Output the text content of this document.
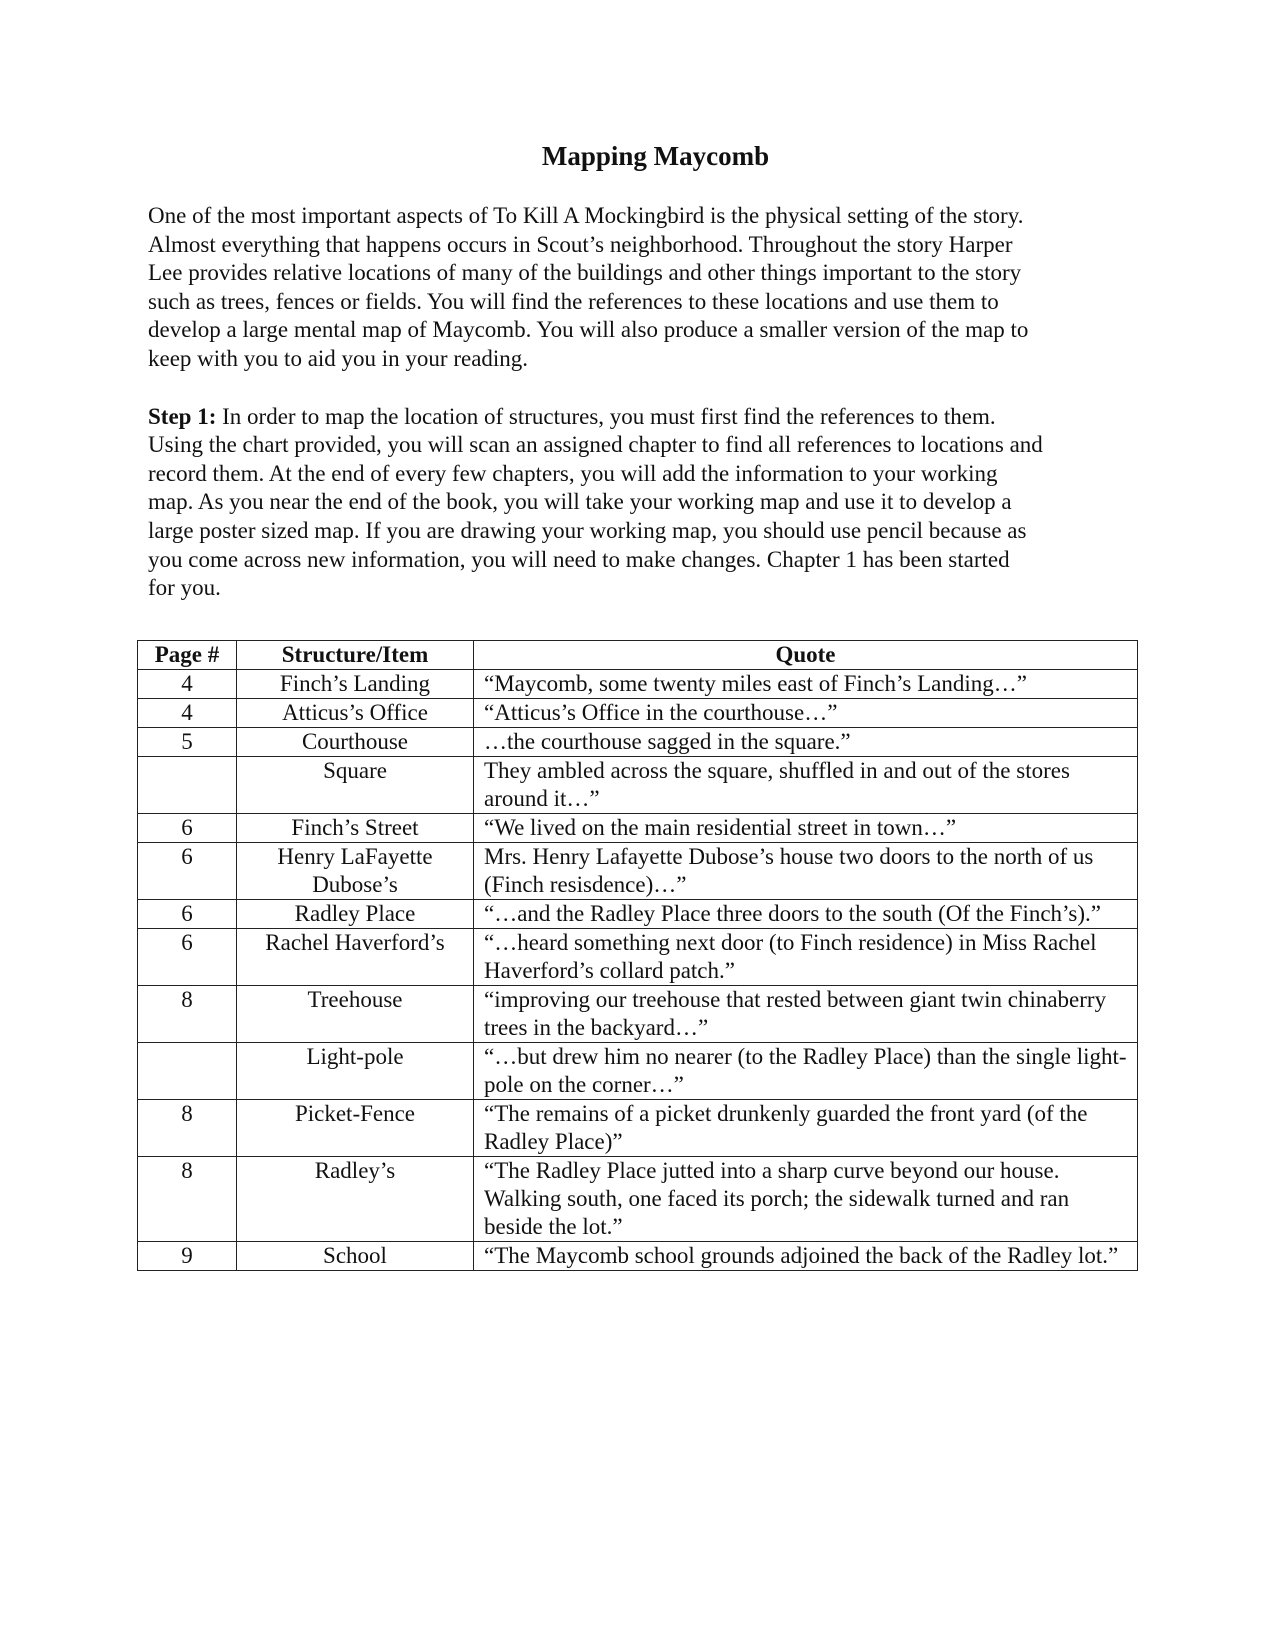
Mapping Maycomb

One of the most important aspects of To Kill A Mockingbird is the physical setting of the story.
Almost everything that happens occurs in Scout’s neighborhood. Throughout the story Harper
Lee provides relative locations of many of the buildings and other things important to the story
such as trees, fences or fields. You will find the references to these locations and use them to
develop a large mental map of Maycomb. You will also produce a smaller version of the map to
keep with you to aid you in your reading.

Step 1: In order to map the location of structures, you must first find the references to them.
Using the chart provided, you will scan an assigned chapter to find all references to locations and
record them. At the end of every few chapters, you will add the information to your working
map. As you near the end of the book, you will take your working map and use it to develop a
large poster sized map. If you are drawing your working map, you should use pencil because as
you come across new information, you will need to make changes. Chapter 1 has been started
for you.

Page #	Structure/Item	Quote
4	Finch’s Landing	“Maycomb, some twenty miles east of Finch’s Landing…”
4	Atticus’s Office	“Atticus’s Office in the courthouse…”
5	Courthouse	…the courthouse sagged in the square.”
	Square	They ambled across the square, shuffled in and out of the stores around it…”
6	Finch’s Street	“We lived on the main residential street in town…”
6	Henry LaFayette Dubose’s	Mrs. Henry Lafayette Dubose’s house two doors to the north of us (Finch resisdence)…”
6	Radley Place	“…and the Radley Place three doors to the south (Of the Finch’s).”
6	Rachel Haverford’s	“…heard something next door (to Finch residence) in Miss Rachel Haverford’s collard patch.”
8	Treehouse	“improving our treehouse that rested between giant twin chinaberry trees in the backyard…”
	Light-pole	“…but drew him no nearer (to the Radley Place) than the single light-pole on the corner…”
8	Picket-Fence	“The remains of a picket drunkenly guarded the front yard (of the Radley Place)”
8	Radley’s	“The Radley Place jutted into a sharp curve beyond our house. Walking south, one faced its porch; the sidewalk turned and ran beside the lot.”
9	School	“The Maycomb school grounds adjoined the back of the Radley lot.”
